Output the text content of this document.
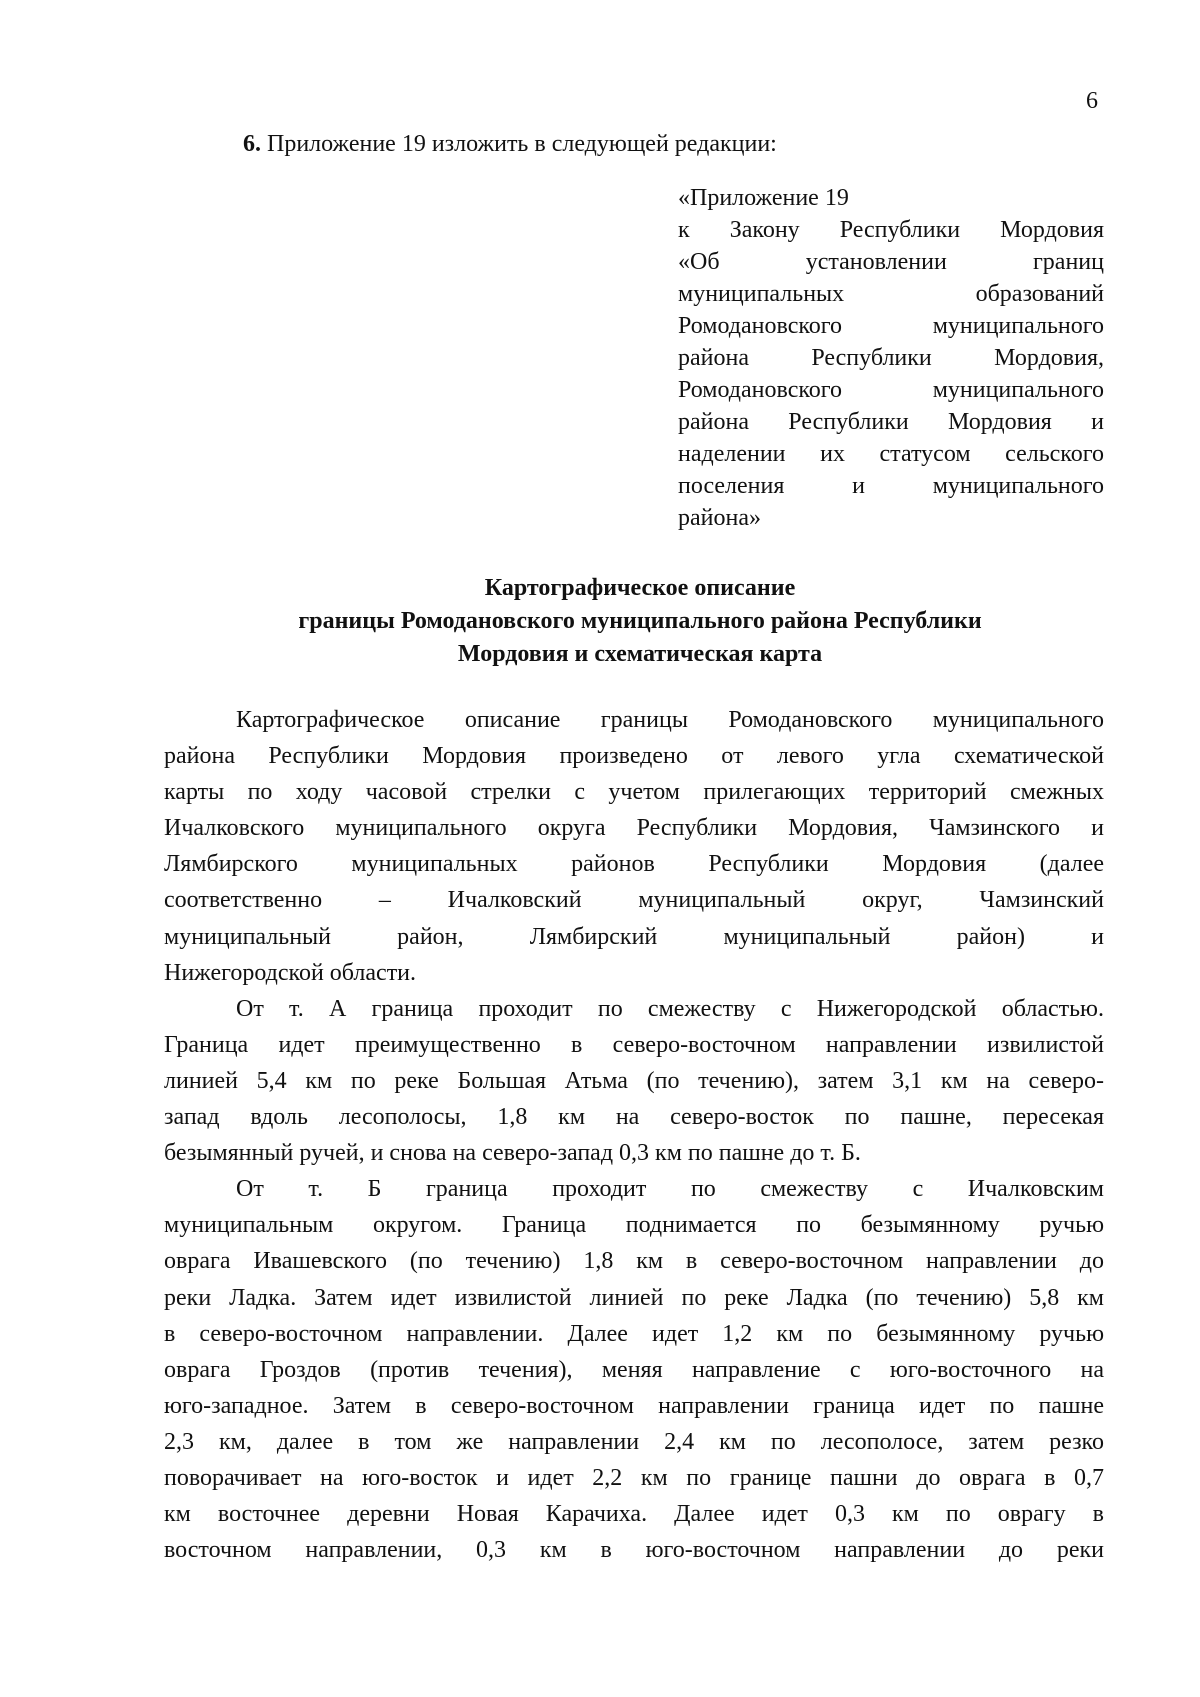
6
6. Приложение 19 изложить в следующей редакции:
«Приложение 19
к Закону Республики Мордовия
«Об установлении границ
муниципальных образований
Ромодановского муниципального
района Республики Мордовия,
Ромодановского муниципального
района Республики Мордовия и
наделении их статусом сельского
поселения и муниципального
района»
Картографическое описание
границы Ромодановского муниципального района Республики
Мордовия и схематическая карта
Картографическое описание границы Ромодановского муниципального
района Республики Мордовия произведено от левого угла схематической
карты по ходу часовой стрелки с учетом прилегающих территорий смежных
Ичалковского муниципального округа Республики Мордовия, Чамзинского и
Лямбирского муниципальных районов Республики Мордовия (далее
соответственно – Ичалковский муниципальный округ, Чамзинский
муниципальный район, Лямбирский муниципальный район) и
Нижегородской области.
От т. А граница проходит по смежеству с Нижегородской областью.
Граница идет преимущественно в северо-восточном направлении извилистой
линией 5,4 км по реке Большая Атьма (по течению), затем 3,1 км на северо-
запад вдоль лесополосы, 1,8 км на северо-восток по пашне, пересекая
безымянный ручей, и снова на северо-запад 0,3 км по пашне до т. Б.
От т. Б граница проходит по смежеству с Ичалковским
муниципальным округом. Граница поднимается по безымянному ручью
оврага Ивашевского (по течению) 1,8 км в северо-восточном направлении до
реки Ладка. Затем идет извилистой линией по реке Ладка (по течению) 5,8 км
в северо-восточном направлении. Далее идет 1,2 км по безымянному ручью
оврага Гроздов (против течения), меняя направление с юго-восточного на
юго-западное. Затем в северо-восточном направлении граница идет по пашне
2,3 км, далее в том же направлении 2,4 км по лесополосе, затем резко
поворачивает на юго-восток и идет 2,2 км по границе пашни до оврага в 0,7
км восточнее деревни Новая Карачиха. Далее идет 0,3 км по оврагу в
восточном направлении, 0,3 км в юго-восточном направлении до реки
